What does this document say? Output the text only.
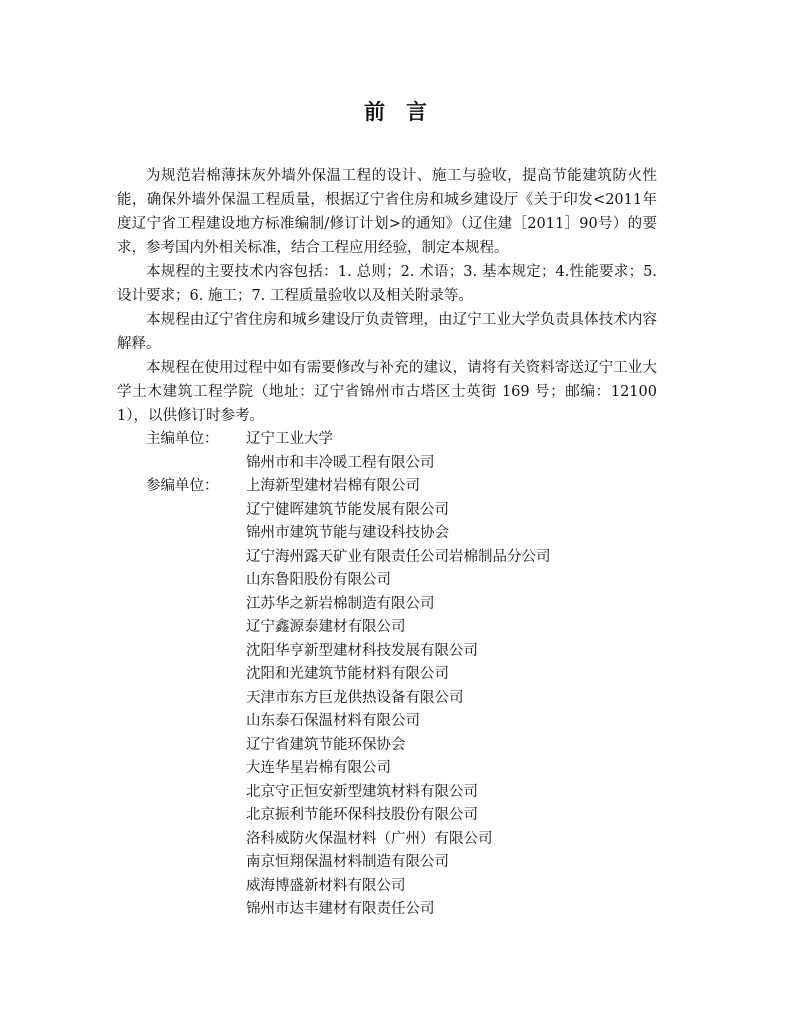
前　言

为规范岩棉薄抹灰外墙外保温工程的设计、施工与验收，提高节能建筑防火性能，确保外墙外保温工程质量，根据辽宁省住房和城乡建设厅《关于印发<2011年度辽宁省工程建设地方标准编制/修订计划>的通知》（辽住建［2011］90号）的要求，参考国内外相关标准，结合工程应用经验，制定本规程。

本规程的主要技术内容包括：1. 总则；2. 术语；3. 基本规定；4.性能要求；5. 设计要求；6. 施工；7. 工程质量验收以及相关附录等。

本规程由辽宁省住房和城乡建设厅负责管理，由辽宁工业大学负责具体技术内容解释。

本规程在使用过程中如有需要修改与补充的建议，请将有关资料寄送辽宁工业大学土木建筑工程学院（地址：辽宁省锦州市古塔区士英街 169 号；邮编：121001），以供修订时参考。

主编单位：	辽宁工业大学
锦州市和丰冷暖工程有限公司
参编单位：	上海新型建材岩棉有限公司
辽宁健晖建筑节能发展有限公司
锦州市建筑节能与建设科技协会
辽宁海州露天矿业有限责任公司岩棉制品分公司
山东鲁阳股份有限公司
江苏华之新岩棉制造有限公司
辽宁鑫源泰建材有限公司
沈阳华亨新型建材科技发展有限公司
沈阳和光建筑节能材料有限公司
天津市东方巨龙供热设备有限公司
山东泰石保温材料有限公司
辽宁省建筑节能环保协会
大连华星岩棉有限公司
北京守正恒安新型建筑材料有限公司
北京振利节能环保科技股份有限公司
洛科威防火保温材料（广州）有限公司
南京恒翔保温材料制造有限公司
威海博盛新材料有限公司
锦州市达丰建材有限责任公司
